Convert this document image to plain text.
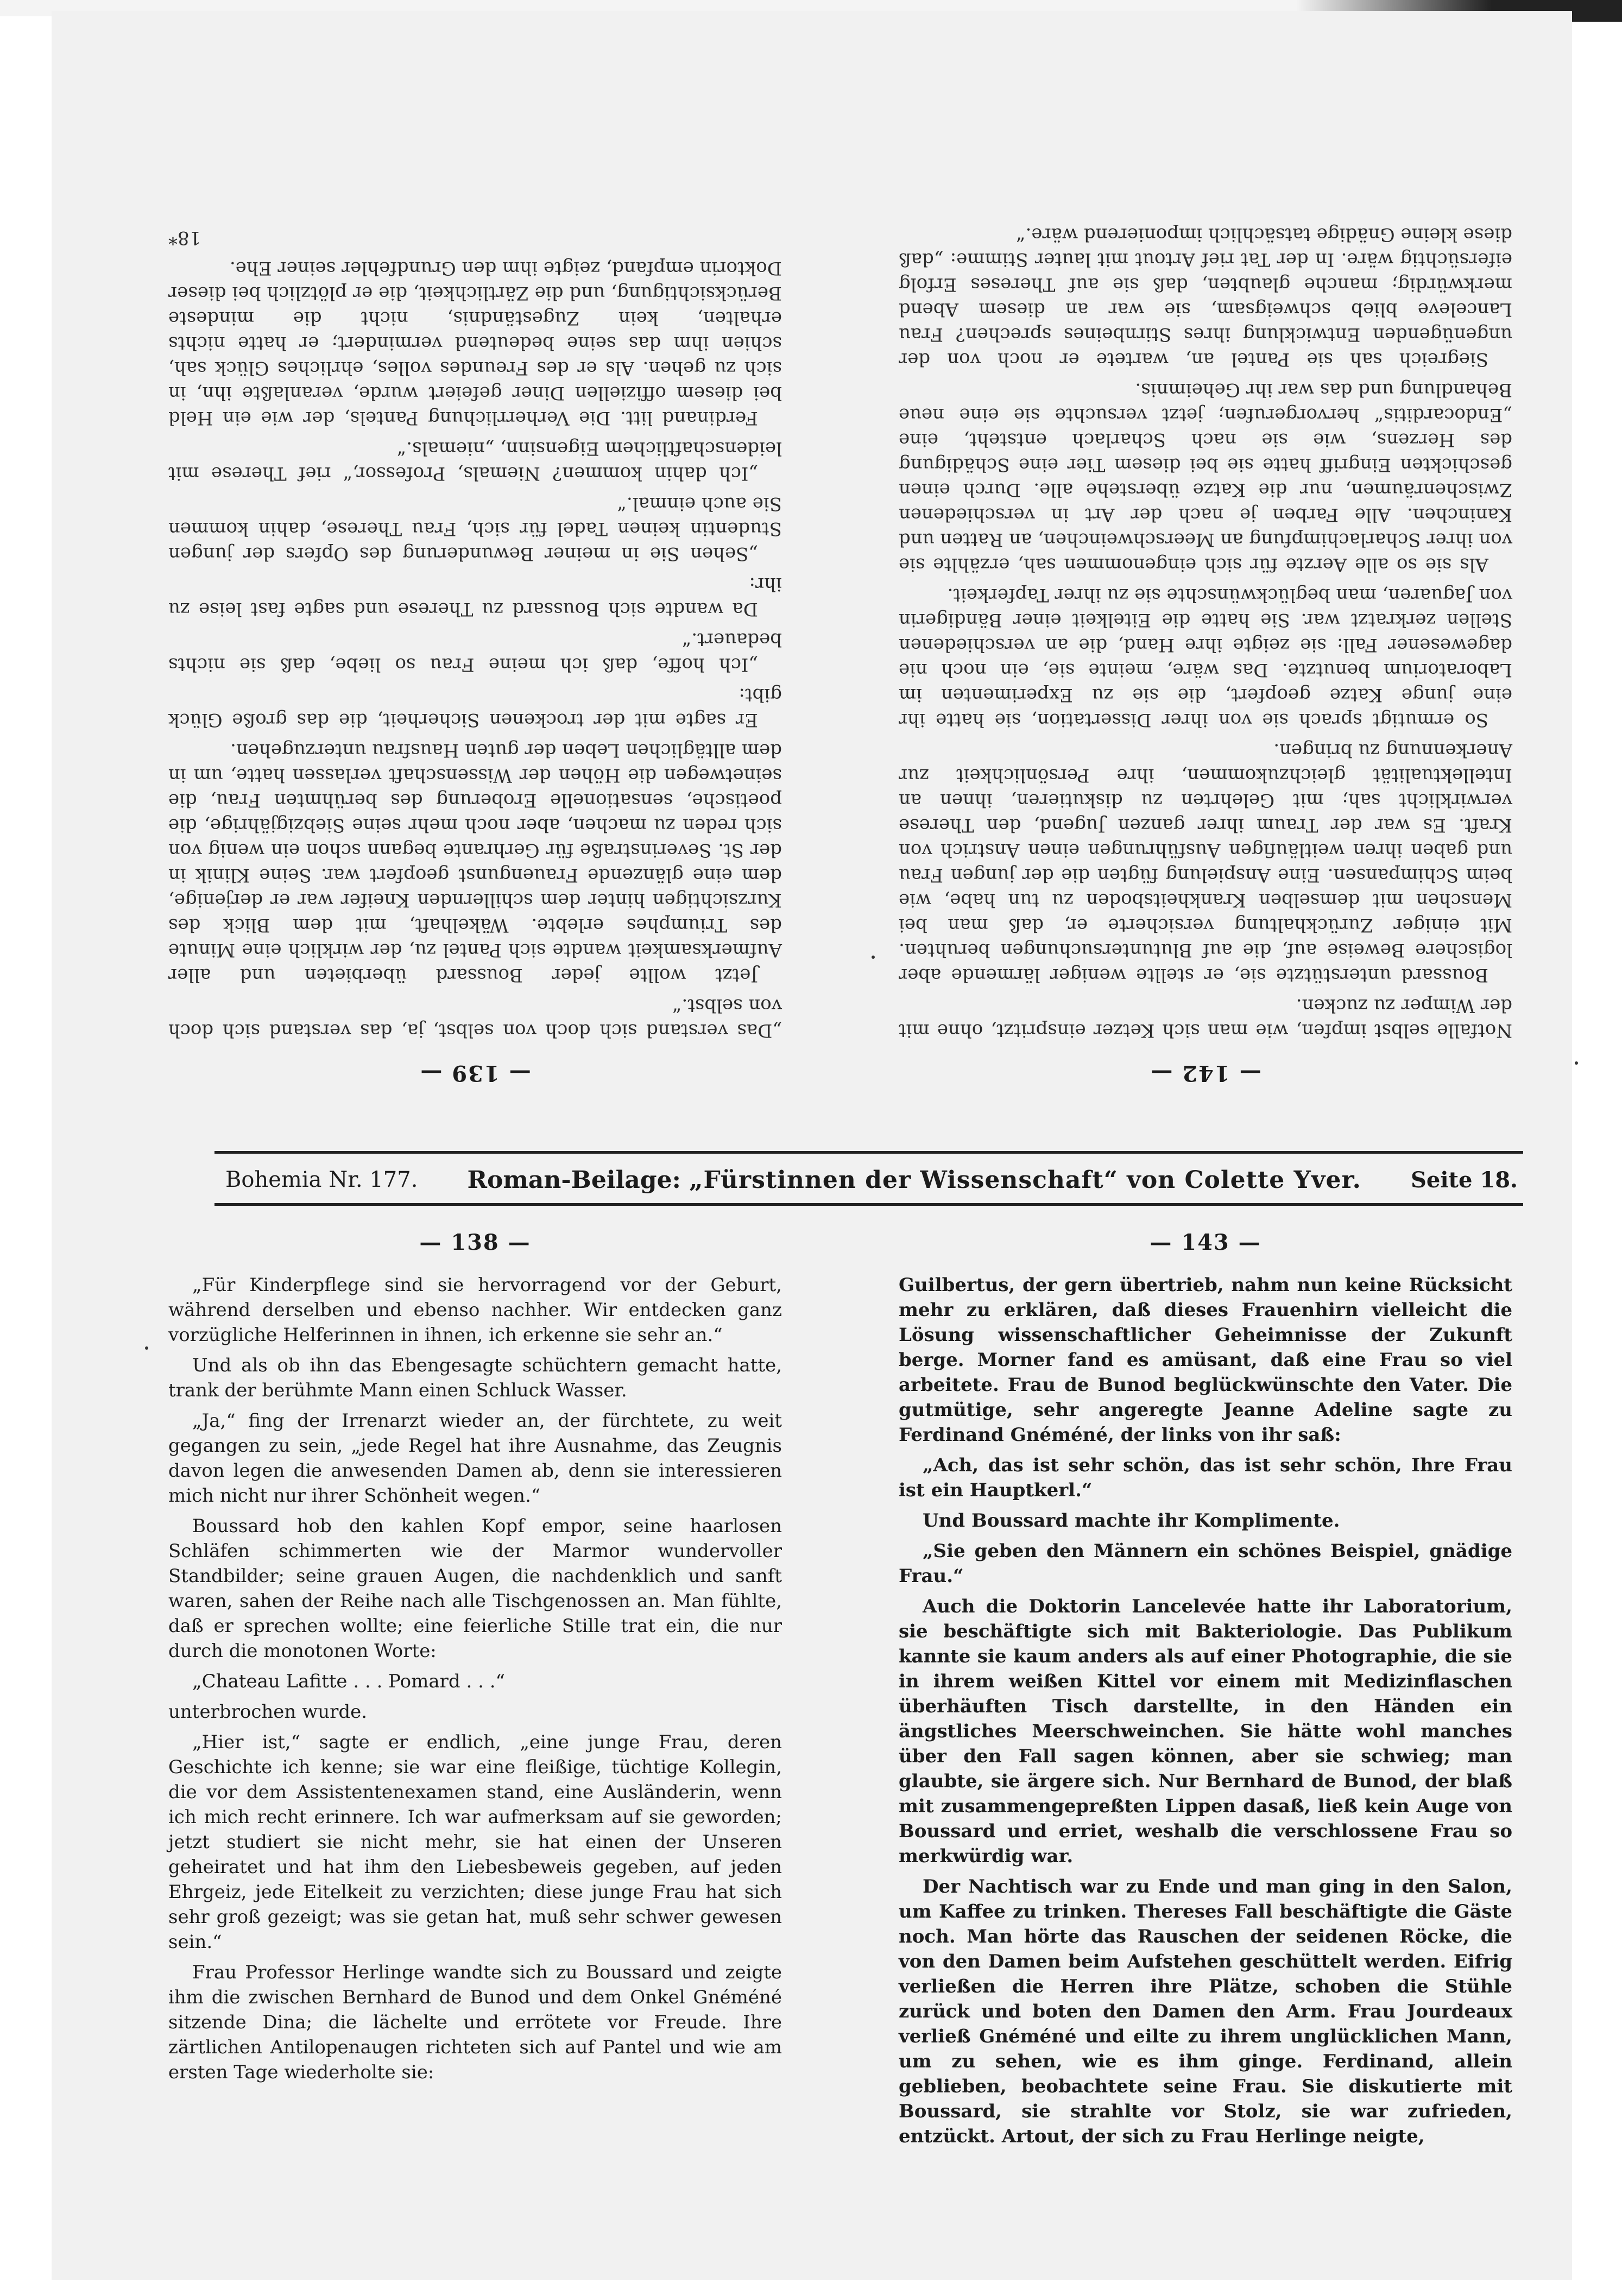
— 139 —

„Das verstand sich doch von selbst, ja, das verstand sich doch von selbst.“

Jetzt wollte jeder Boussard überbieten und aller Aufmerksamkeit wandte sich Pantel zu, der wirklich eine Minute des Triumphes erlebte. Wäkelhaft, mit dem Blick des Kurzsichtigen hinter dem schillernden Kneifer war er derjenige, dem eine glänzende Frauengunst geopfert war. Seine Klinik in der St. Severinstraße für Gerhrante begann schon ein wenig von sich reden zu machen, aber noch mehr seine Siebzigjährige, die poetische, sensationelle Eroberung des berühmten Frau, die seinetwegen die Höhen der Wissenschaft verlassen hatte, um in dem alltäglichen Leben der guten Hausfrau unterzugehen.

Er sagte mit der trockenen Sicherheit, die das große Glück gibt:

„Ich hoffe, daß ich meine Frau so liebe, daß sie nichts bedauert.“

Da wandte sich Boussard zu Therese und sagte fast leise zu ihr:

„Sehen Sie in meiner Bewunderung des Opfers der jungen Studentin keinen Tadel für sich, Frau Therese, dahin kommen Sie auch einmal.“

„Ich dahin kommen? Niemals, Professor,“ rief Therese mit leidenschaftlichem Eigensinn, „niemals.“

Ferdinand litt. Die Verherrlichung Pantels, der wie ein Held bei diesem offiziellen Diner gefeiert wurde, veranlaßte ihn, in sich zu gehen. Als er des Freundes volles, ehrliches Glück sah, schien ihm das seine bedeutend vermindert; er hatte nichts erhalten, kein Zugeständnis, nicht die mindeste Berücksichtigung, und die Zärtlichkeit, die er plötzlich bei dieser Doktorin empfand, zeigte ihm den Grundfehler seiner Ehe.

18*

— 142 —

Notfalle selbst impfen, wie man sich Ketzer einspritzt, ohne mit der Wimper zu zucken.

Boussard unterstützte sie, er stellte weniger lärmende aber logischere Beweise auf, die auf Blutuntersuchungen beruhten. Mit einiger Zurückhaltung versicherte er, daß man bei Menschen mit demselben Krankheitsboden zu tun habe, wie beim Schimpansen. Eine Anspielung fügten die der jungen Frau und gaben ihren weitläufigen Ausführungen einen Anstrich von Kraft. Es war der Traum ihrer ganzen Jugend, den Therese verwirklicht sah; mit Gelehrten zu diskutieren, ihnen an Intellektualität gleichzukommen, ihre Persönlichkeit zur Anerkennung zu bringen.

So ermutigt sprach sie von ihrer Dissertation, sie hatte ihr eine junge Katze geopfert, die sie zu Experimenten im Laboratorium benutzte. Das wäre, meinte sie, ein noch nie dagewesener Fall: sie zeigte ihre Hand, die an verschiedenen Stellen zerkratzt war. Sie hatte die Eitelkeit einer Bändigerin von Jaguaren, man beglückwünschte sie zu ihrer Tapferkeit.

Als sie so alle Aerzte für sich eingenommen sah, erzählte sie von ihrer Scharlachimpfung an Meerschweinchen, an Ratten und Kaninchen. Alle Farben je nach der Art in verschiedenen Zwischenräumen, nur die Katze überstehe alle. Durch einen geschickten Eingriff hatte sie bei diesem Tier eine Schädigung des Herzens, wie sie nach Scharlach entsteht, eine „Endocarditis“ hervorgerufen; jetzt versuchte sie eine neue Behandlung und das war ihr Geheimnis.

Siegreich sah sie Pantel an, wartete er noch von der ungenügenden Entwicklung ihres Stirnbeines sprechen? Frau Lanceleve blieb schweigsam, sie war an diesem Abend merkwürdig; manche glaubten, daß sie auf Thereses Erfolg eifersüchtig wäre. In der Tat rief Artout mit lauter Stimme: „daß diese kleine Gnädige tatsächlich imponierend wäre.“

Bohemia Nr. 177. Roman-Beilage: „Fürstinnen der Wissenschaft“ von Colette Yver. Seite 18.
— 138 —

„Für Kinderpflege sind sie hervorragend vor der Geburt, während derselben und ebenso nachher. Wir entdecken ganz vorzügliche Helferinnen in ihnen, ich erkenne sie sehr an.“

Und als ob ihn das Ebengesagte schüchtern gemacht hatte, trank der berühmte Mann einen Schluck Wasser.

„Ja,“ fing der Irrenarzt wieder an, der fürchtete, zu weit gegangen zu sein, „jede Regel hat ihre Ausnahme, das Zeugnis davon legen die anwesenden Damen ab, denn sie interessieren mich nicht nur ihrer Schönheit wegen.“

Boussard hob den kahlen Kopf empor, seine haarlosen Schläfen schimmerten wie der Marmor wundervoller Standbilder; seine grauen Augen, die nachdenklich und sanft waren, sahen der Reihe nach alle Tischgenossen an. Man fühlte, daß er sprechen wollte; eine feierliche Stille trat ein, die nur durch die monotonen Worte:

„Chateau Lafitte . . . Pomard . . .“

unterbrochen wurde.

„Hier ist,“ sagte er endlich, „eine junge Frau, deren Geschichte ich kenne; sie war eine fleißige, tüchtige Kollegin, die vor dem Assistentenexamen stand, eine Ausländerin, wenn ich mich recht erinnere. Ich war aufmerksam auf sie geworden; jetzt studiert sie nicht mehr, sie hat einen der Unseren geheiratet und hat ihm den Liebesbeweis gegeben, auf jeden Ehrgeiz, jede Eitelkeit zu verzichten; diese junge Frau hat sich sehr groß gezeigt; was sie getan hat, muß sehr schwer gewesen sein.“

Frau Professor Herlinge wandte sich zu Boussard und zeigte ihm die zwischen Bernhard de Bunod und dem Onkel Gnéméné sitzende Dina; die lächelte und errötete vor Freude. Ihre zärtlichen Antilopenaugen richteten sich auf Pantel und wie am ersten Tage wiederholte sie:

— 143 —

Guilbertus, der gern übertrieb, nahm nun keine Rücksicht mehr zu erklären, daß dieses Frauenhirn vielleicht die Lösung wissenschaftlicher Geheimnisse der Zukunft berge. Morner fand es amüsant, daß eine Frau so viel arbeitete. Frau de Bunod beglückwünschte den Vater. Die gutmütige, sehr angeregte Jeanne Adeline sagte zu Ferdinand Gnéméné, der links von ihr saß:

„Ach, das ist sehr schön, das ist sehr schön, Ihre Frau ist ein Hauptkerl.“

Und Boussard machte ihr Komplimente.

„Sie geben den Männern ein schönes Beispiel, gnädige Frau.“

Auch die Doktorin Lancelevée hatte ihr Laboratorium, sie beschäftigte sich mit Bakteriologie. Das Publikum kannte sie kaum anders als auf einer Photographie, die sie in ihrem weißen Kittel vor einem mit Medizinflaschen überhäuften Tisch darstellte, in den Händen ein ängstliches Meerschweinchen. Sie hätte wohl manches über den Fall sagen können, aber sie schwieg; man glaubte, sie ärgere sich. Nur Bernhard de Bunod, der blaß mit zusammengepreßten Lippen dasaß, ließ kein Auge von Boussard und erriet, weshalb die verschlossene Frau so merkwürdig war.

Der Nachtisch war zu Ende und man ging in den Salon, um Kaffee zu trinken. Thereses Fall beschäftigte die Gäste noch. Man hörte das Rauschen der seidenen Röcke, die von den Damen beim Aufstehen geschüttelt werden. Eifrig verließen die Herren ihre Plätze, schoben die Stühle zurück und boten den Damen den Arm. Frau Jourdeaux verließ Gnéméné und eilte zu ihrem unglücklichen Mann, um zu sehen, wie es ihm ginge. Ferdinand, allein geblieben, beobachtete seine Frau. Sie diskutierte mit Boussard, sie strahlte vor Stolz, sie war zufrieden, entzückt. Artout, der sich zu Frau Herlinge neigte,
